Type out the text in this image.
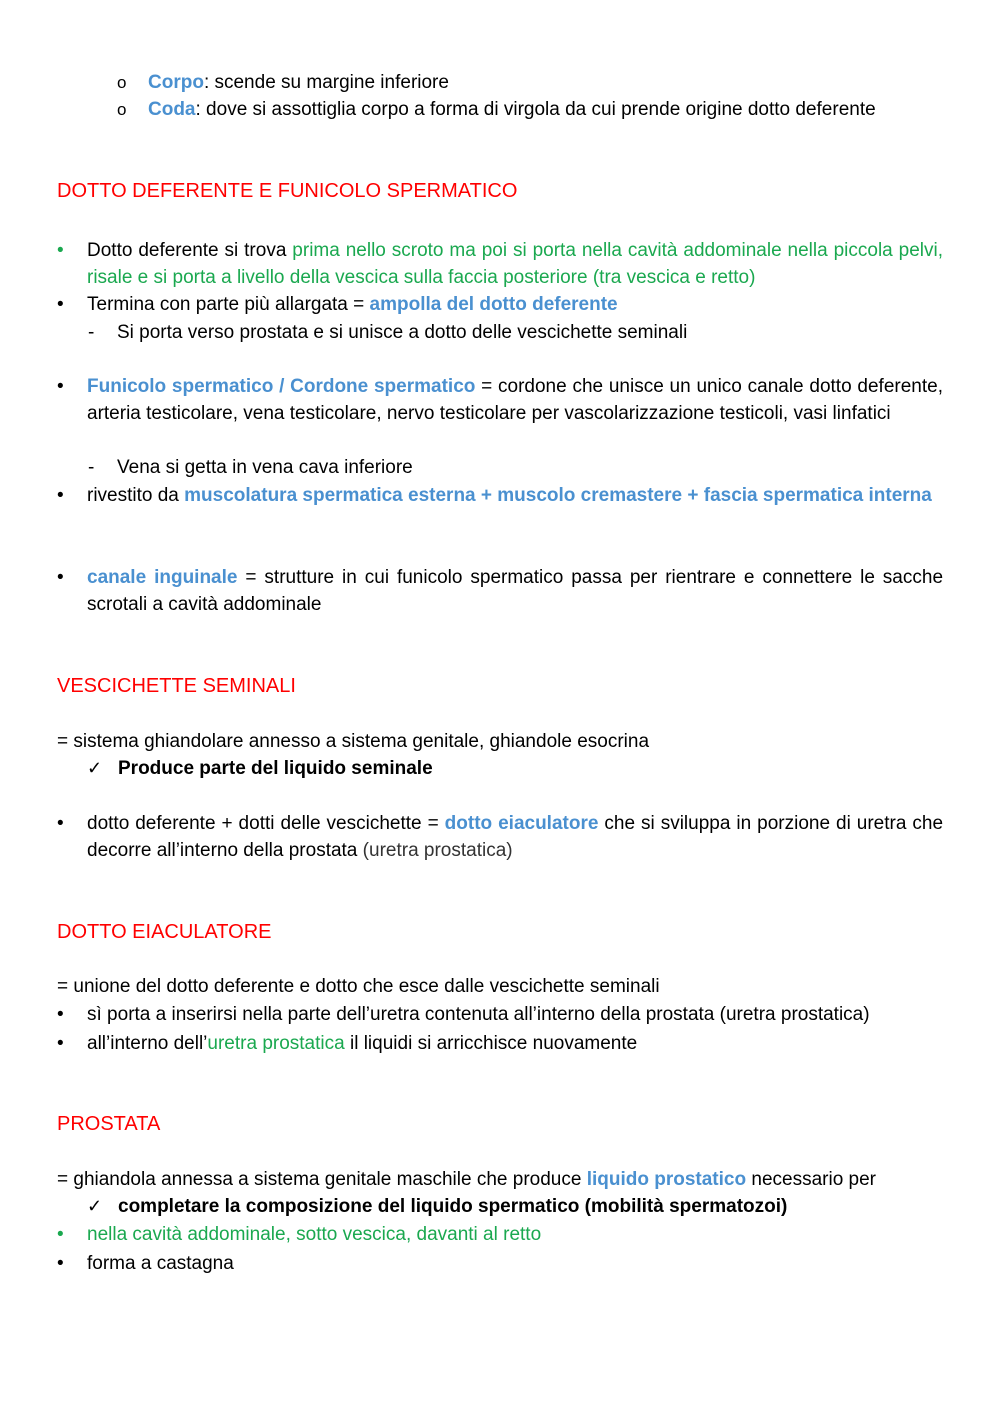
o Corpo: scende su margine inferiore
o Coda: dove si assottiglia corpo a forma di virgola da cui prende origine dotto deferente
DOTTO DEFERENTE E FUNICOLO SPERMATICO
• Dotto deferente si trova prima nello scroto ma poi si porta nella cavità addominale nella piccola pelvi, risale e si porta a livello della vescica sulla faccia posteriore (tra vescica e retto)
• Termina con parte più allargata = ampolla del dotto deferente
- Si porta verso prostata e si unisce a dotto delle vescichette seminali
• Funicolo spermatico / Cordone spermatico = cordone che unisce un unico canale dotto deferente, arteria testicolare, vena testicolare, nervo testicolare per vascolarizzazione testicoli, vasi linfatici
- Vena si getta in vena cava inferiore
• rivestito da muscolatura spermatica esterna + muscolo cremastere + fascia spermatica interna
• canale inguinale = strutture in cui funicolo spermatico passa per rientrare e connettere le sacche scrotali a cavità addominale
VESCICHETTE SEMINALI
= sistema ghiandolare annesso a sistema genitale, ghiandole esocrina
✓ Produce parte del liquido seminale
• dotto deferente + dotti delle vescichette = dotto eiaculatore che si sviluppa in porzione di uretra che decorre all’interno della prostata (uretra prostatica)
DOTTO EIACULATORE
= unione del dotto deferente e dotto che esce dalle vescichette seminali
• sì porta a inserirsi nella parte dell’uretra contenuta all’interno della prostata (uretra prostatica)
• all’interno dell’uretra prostatica il liquidi si arricchisce nuovamente
PROSTATA
= ghiandola annessa a sistema genitale maschile che produce liquido prostatico necessario per
✓ completare la composizione del liquido spermatico (mobilità spermatozoi)
• nella cavità addominale, sotto vescica, davanti al retto
• forma a castagna
